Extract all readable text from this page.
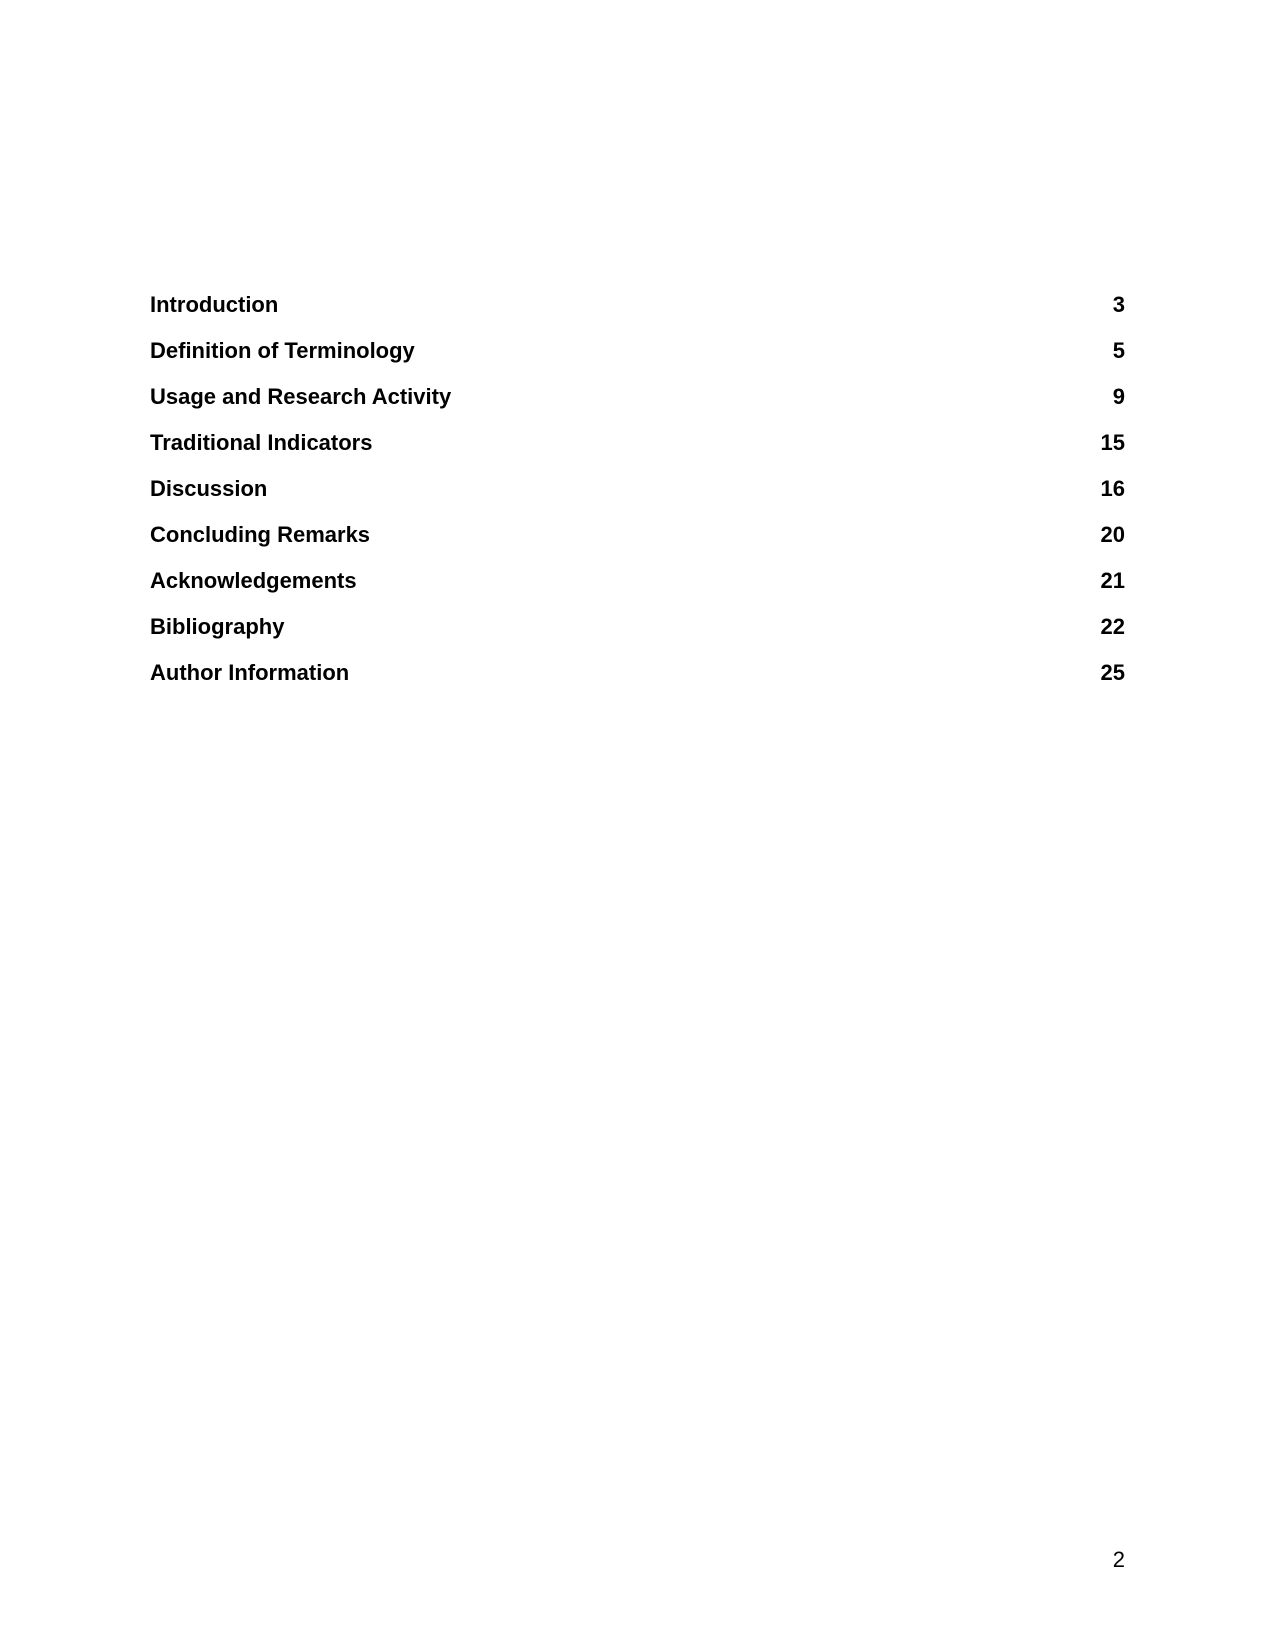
Introduction	3
Definition of Terminology	5
Usage and Research Activity	9
Traditional Indicators	15
Discussion	16
Concluding Remarks	20
Acknowledgements	21
Bibliography	22
Author Information	25
2
